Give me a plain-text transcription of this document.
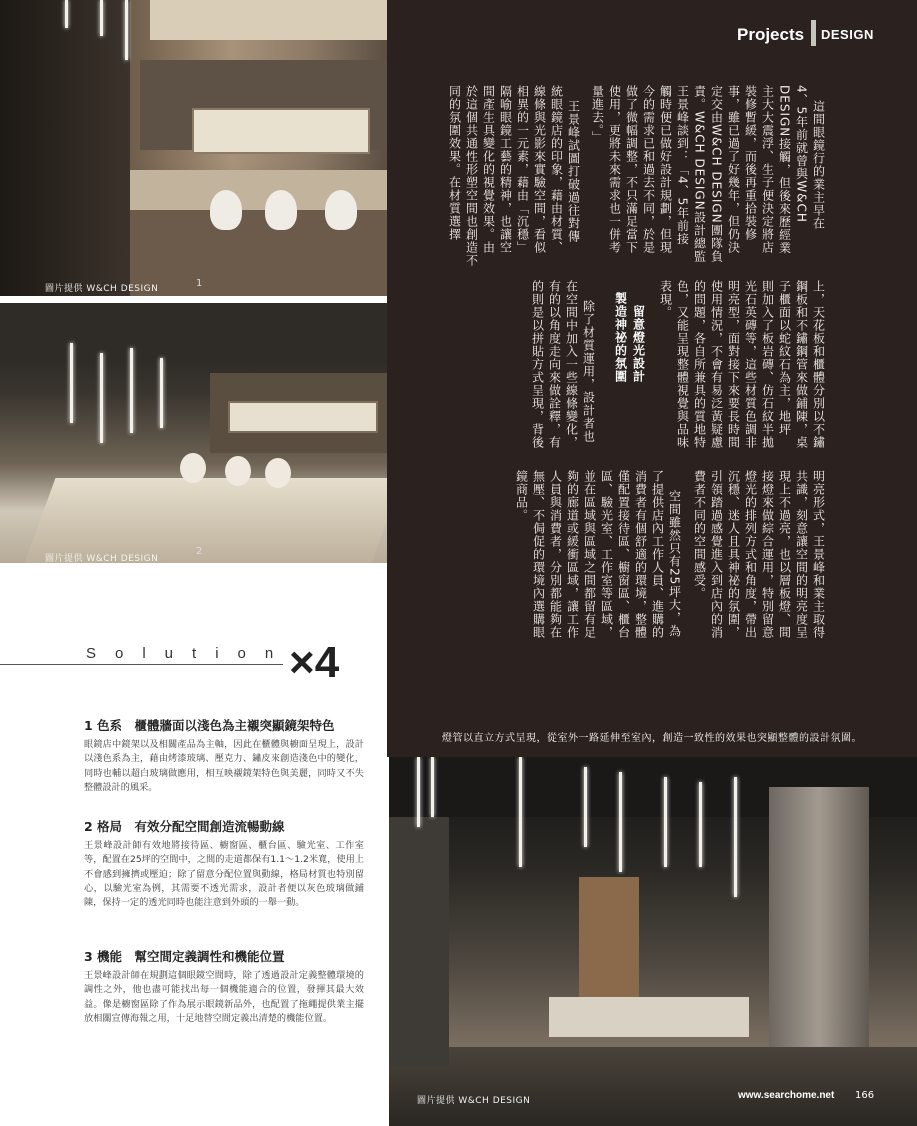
圖片提供 W&CH DESIGN	1
圖片提供 W&CH DESIGN
2
Projects DESIGN
這間眼鏡行的業主早在
4、5年前就曾與W&CH
DESIGN接觸，但後來歷經業
主大大震浮、生子便決定將店
裝修暫緩，而後再重拾裝修
事，雖已過了好幾年，但仍決
定交由W&CH DESIGN團隊負
責。W&CH DESIGN設計總監
王景峰談到：「4、5年前接
觸時便已做好設計規劃，但現
今的需求已和過去不同，於是
做了微幅調整，不只滿足當下
使用，更將未來需求也一併考
量進去。」
王景峰試圖打破過往對傳
統眼鏡店的印象，藉由材質、
線條與光影來實驗空間，看似
相異的一元素，藉由「沉穩」
隔喻眼鏡工藝的精神，也讓空
間產生具變化的視覺效果。由
於這個共通性形塑空間也創造不
同的氛圍效果。在材質選擇
上，天花板和櫃體分別以不鏽
鋼板和不鏽鋼管來做鋪陳，桌
子櫃面以蛇紋石為主，地坪
則加入了板岩磚、仿石紋半拋
光石英磚等，這些材質色調非
明亮型，面對接下來要長時間
使用情況，不會有易泛黃疑慮
的問題，各自所兼具的質地特
色，又能呈現整體視覺與品味
表現。
留意燈光設計
製造神祕的氛圍
除了材質運用，設計者也
在空間中加入一些線條變化，
有的以角度走向來做詮釋，有
的則是以拼貼方式呈現，背後
明亮形式，王景峰和業主取得
共識，刻意讓空間的明亮度呈
現上不過亮，也以層板燈、間
接燈來做綜合運用，特別留意
燈光的排列方式和角度，帶出
沉穩、迷人且具神祕的氛圍，
引領踏過感覺進入到店內的消
費者不同的空間感受。
空間雖然只有25坪大，為
了提供店內工作人員、進購的
消費者有個舒適的環境，整體
僅配置接待區、櫥窗區、櫃台
區、驗光室、工作室等區域，
並在區域與區域之間都留有足
夠的廊道或緩衝區域，讓工作
人員與消費者，分別都能夠在
無壓、不侷促的環境內選購眼
鏡商品。
燈管以直立方式呈現，從室外一路延伸至室內，創造一致性的效果也突顯整體的設計氛圍。
Solution
×4
1 色系　櫃體牆面以淺色為主襯突顯鏡架特色
眼鏡店中鏡架以及相關產品為主軸，因此在櫃體與櫥面呈現上，設計以淺色系為主，藉由烤漆玻璃、壓克力、鏽皮來創造淺色中的變化，同時也輔以超白玻璃做應用，相互映襯鏡架特色與美麗，同時又不失整體設計的風采。
2 格局　有效分配空間創造流暢動線
王景峰設計師有效地將接待區、櫥窗區、櫃台區、驗光室、工作室等，配置在25坪的空間中，之間的走道都保有1.1～1.2米寬，使用上不會感到擁擠或壓迫；除了留意分配位置與動線，格局材質也特別留心，以驗光室為例，其需要不透光需求，設計者便以灰色玻璃做鋪陳，保持一定的透光同時也能注意到外頭的一舉一動。
3 機能　幫空間定義調性和機能位置
王景峰設計師在規劃這個眼鏡空間時，除了透過設計定義整體環境的調性之外，他也盡可能找出每一個機能適合的位置，發揮其最大效益。像是櫥窗區除了作為展示眼鏡新品外，也配置了拖繩提供業主擺放相關宣傳海報之用，十足地替空間定義出清楚的機能位置。
圖片提供 W&CH DESIGN	www.searchome.net 166
